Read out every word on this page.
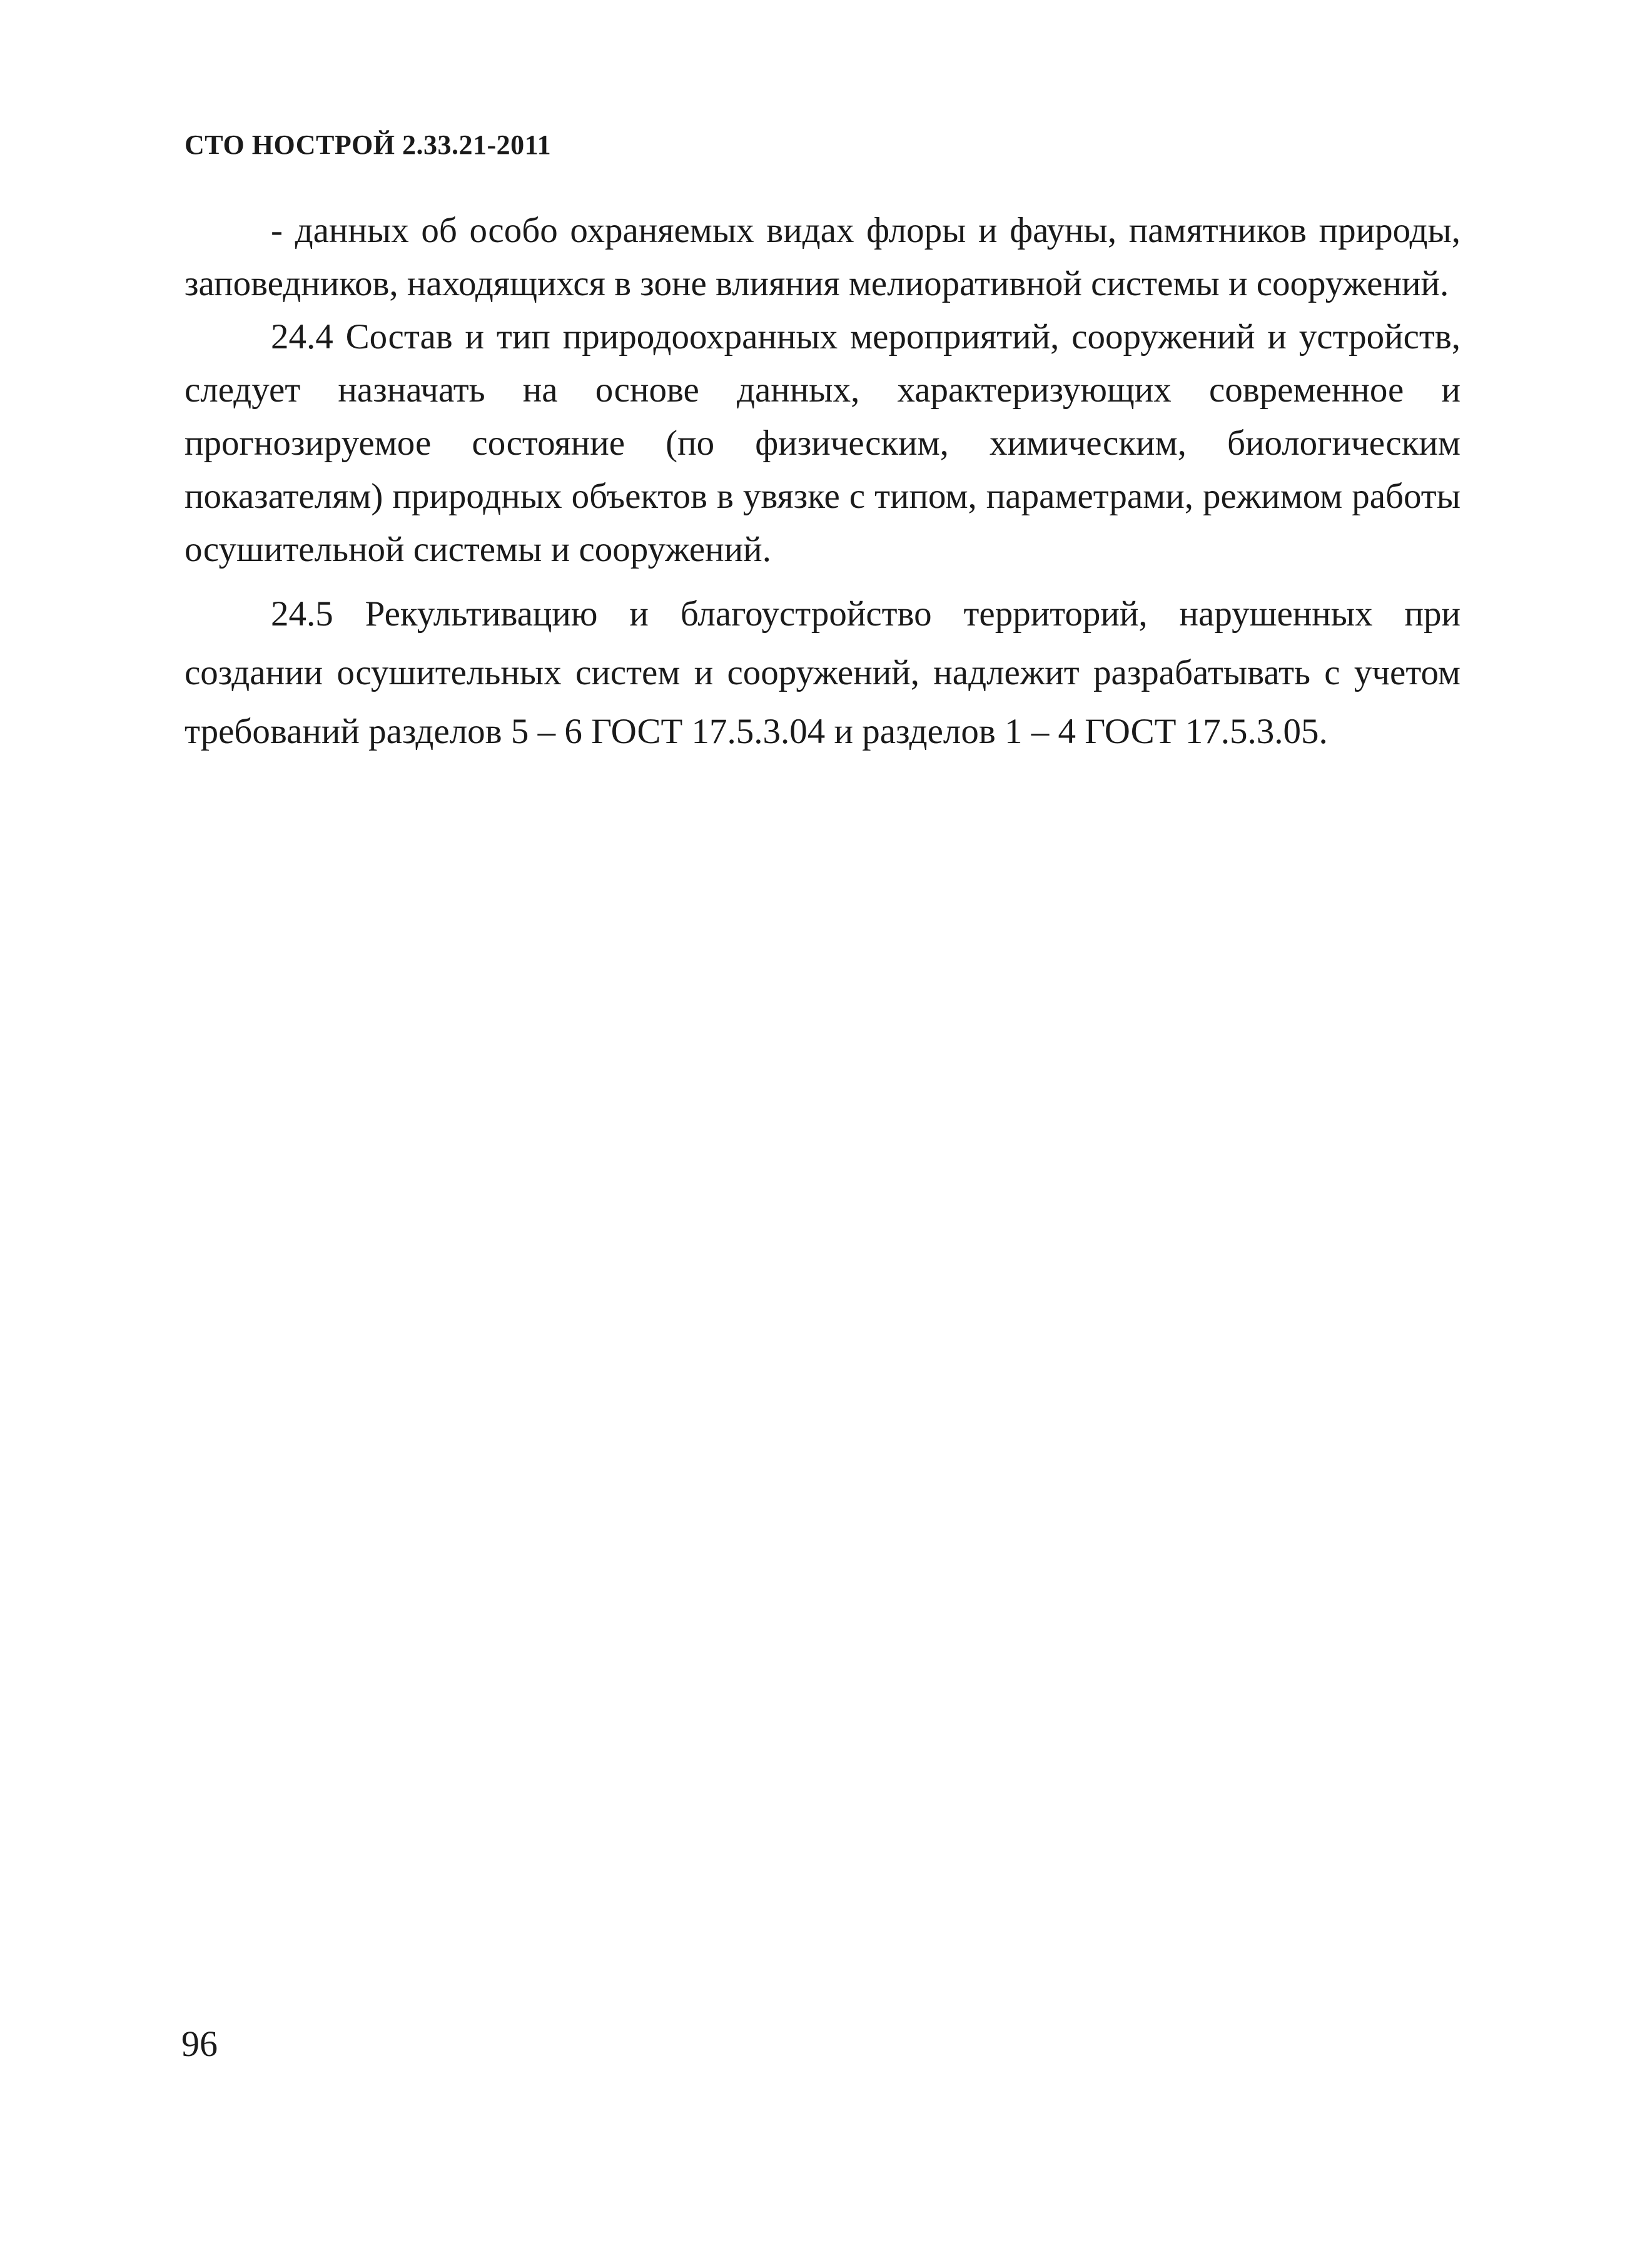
СТО НОСТРОЙ 2.33.21-2011

- данных об особо охраняемых видах флоры и фауны, памятников природы, заповедников, находящихся в зоне влияния мелиоративной системы и сооружений.

24.4 Состав и тип природоохранных мероприятий, сооружений и устройств, следует назначать на основе данных, характеризующих современное и прогнозируемое состояние (по физическим, химическим, биологическим показателям) природных объектов в увязке с типом, параметрами, режимом работы осушительной системы и сооружений.

24.5 Рекультивацию и благоустройство территорий, нарушенных при создании осушительных систем и сооружений, надлежит разрабатывать с учетом требований разделов 5 – 6 ГОСТ 17.5.3.04 и разделов 1 – 4 ГОСТ 17.5.3.05.

96
